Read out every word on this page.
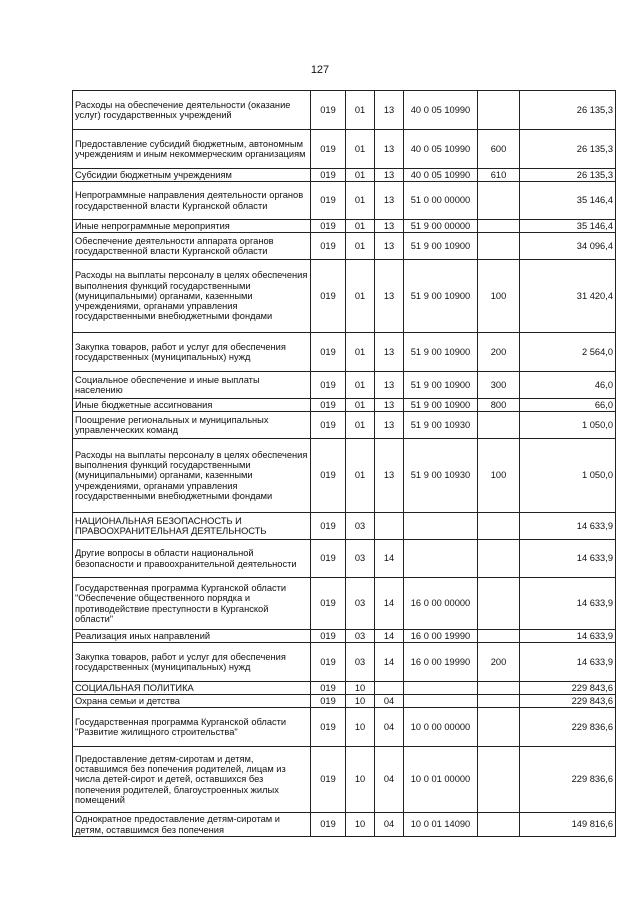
127
Расходы на обеспечение деятельности (оказание услуг) государственных учреждений	019	01	13	40 0 05 10990		26 135,3
Предоставление субсидий бюджетным, автономным учреждениям и иным некоммерческим организациям	019	01	13	40 0 05 10990	600	26 135,3
Субсидии бюджетным учреждениям	019	01	13	40 0 05 10990	610	26 135,3
Непрограммные направления деятельности органов государственной власти Курганской области	019	01	13	51 0 00 00000		35 146,4
Иные непрограммные мероприятия	019	01	13	51 9 00 00000		35 146,4
Обеспечение деятельности аппарата органов государственной власти Курганской области	019	01	13	51 9 00 10900		34 096,4
Расходы на выплаты персоналу в целях обеспечения выполнения функций государственными (муниципальными) органами, казенными учреждениями, органами управления государственными внебюджетными фондами	019	01	13	51 9 00 10900	100	31 420,4
Закупка товаров, работ и услуг для обеспечения государственных (муниципальных) нужд	019	01	13	51 9 00 10900	200	2 564,0
Социальное обеспечение и иные выплаты населению	019	01	13	51 9 00 10900	300	46,0
Иные бюджетные ассигнования	019	01	13	51 9 00 10900	800	66,0
Поощрение региональных и муниципальных управленческих команд	019	01	13	51 9 00 10930		1 050,0
Расходы на выплаты персоналу в целях обеспечения выполнения функций государственными (муниципальными) органами, казенными учреждениями, органами управления государственными внебюджетными фондами	019	01	13	51 9 00 10930	100	1 050,0
НАЦИОНАЛЬНАЯ БЕЗОПАСНОСТЬ И ПРАВООХРАНИТЕЛЬНАЯ ДЕЯТЕЛЬНОСТЬ	019	03				14 633,9
Другие вопросы в области национальной безопасности и правоохранительной деятельности	019	03	14			14 633,9
Государственная программа Курганской области "Обеспечение общественного порядка и противодействие преступности в Курганской области"	019	03	14	16 0 00 00000		14 633,9
Реализация иных направлений	019	03	14	16 0 00 19990		14 633,9
Закупка товаров, работ и услуг для обеспечения государственных (муниципальных) нужд	019	03	14	16 0 00 19990	200	14 633,9
СОЦИАЛЬНАЯ ПОЛИТИКА	019	10				229 843,6
Охрана семьи и детства	019	10	04			229 843,6
Государственная программа Курганской области "Развитие жилищного строительства"	019	10	04	10 0 00 00000		229 836,6
Предоставление детям-сиротам и детям, оставшимся без попечения родителей, лицам из числа детей-сирот и детей, оставшихся без попечения родителей, благоустроенных жилых помещений	019	10	04	10 0 01 00000		229 836,6
Однократное предоставление детям-сиротам и детям, оставшимся без попечения	019	10	04	10 0 01 14090		149 816,6
